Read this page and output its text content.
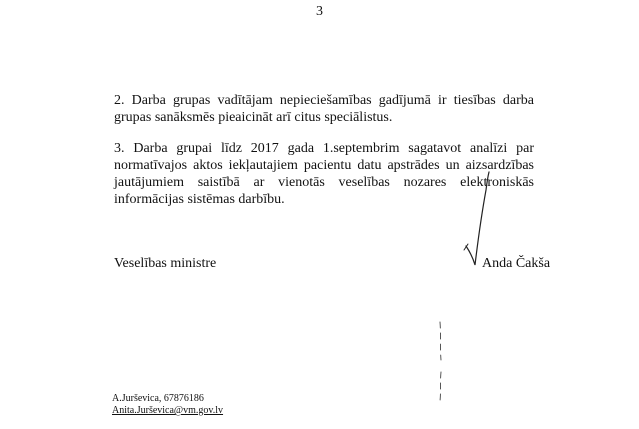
3
2. Darba grupas vadītājam nepieciešamības gadījumā ir tiesības darba grupas sanāksmēs pieaicināt arī citus speciālistus.
3. Darba grupai līdz 2017 gada 1.septembrim sagatavot analīzi par normatīvajos aktos iekļautajiem pacientu datu apstrādes un aizsardzības jautājumiem saistībā ar vienotās veselības nozares elektroniskās informācijas sistēmas darbību.
Veselības ministre	Anda Čakša
A.Jurševica, 67876186
Anita.Jurševica@vm.gov.lv
